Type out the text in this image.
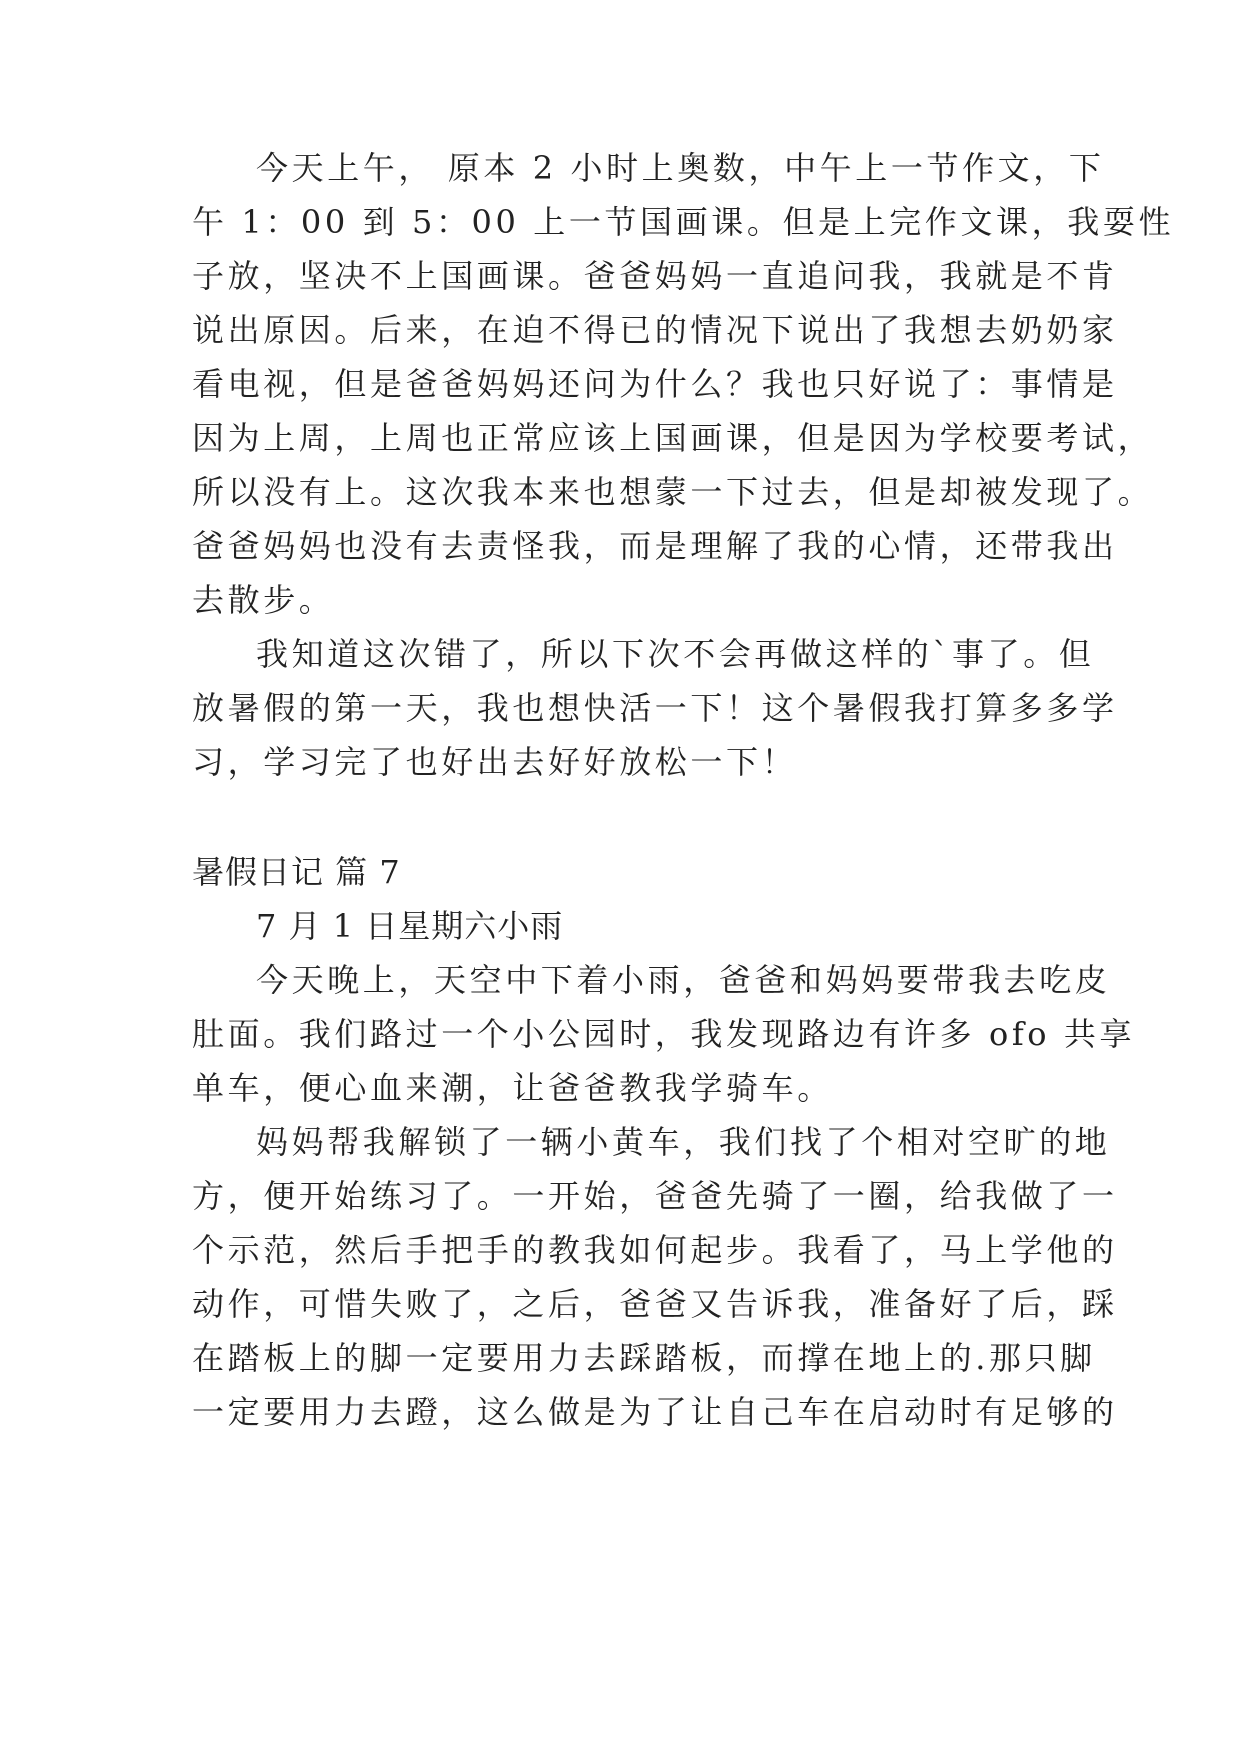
今天上午， 原本 2 小时上奥数，中午上一节作文，下
午 1：00 到 5：00 上一节国画课。但是上完作文课，我耍性
子放，坚决不上国画课。爸爸妈妈一直追问我，我就是不肯
说出原因。后来，在迫不得已的情况下说出了我想去奶奶家
看电视，但是爸爸妈妈还问为什么？我也只好说了：事情是
因为上周，上周也正常应该上国画课，但是因为学校要考试，
所以没有上。这次我本来也想蒙一下过去，但是却被发现了。
爸爸妈妈也没有去责怪我，而是理解了我的心情，还带我出
去散步。
我知道这次错了，所以下次不会再做这样的`事了。但
放暑假的第一天，我也想快活一下！这个暑假我打算多多学
习，学习完了也好出去好好放松一下！
暑假日记 篇 7
7 月 1 日星期六小雨
今天晚上，天空中下着小雨，爸爸和妈妈要带我去吃皮
肚面。我们路过一个小公园时，我发现路边有许多 ofo 共享
单车，便心血来潮，让爸爸教我学骑车。
妈妈帮我解锁了一辆小黄车，我们找了个相对空旷的地
方，便开始练习了。一开始，爸爸先骑了一圈，给我做了一
个示范，然后手把手的教我如何起步。我看了，马上学他的
动作，可惜失败了，之后，爸爸又告诉我，准备好了后，踩
在踏板上的脚一定要用力去踩踏板，而撑在地上的.那只脚
一定要用力去蹬，这么做是为了让自己车在启动时有足够的
